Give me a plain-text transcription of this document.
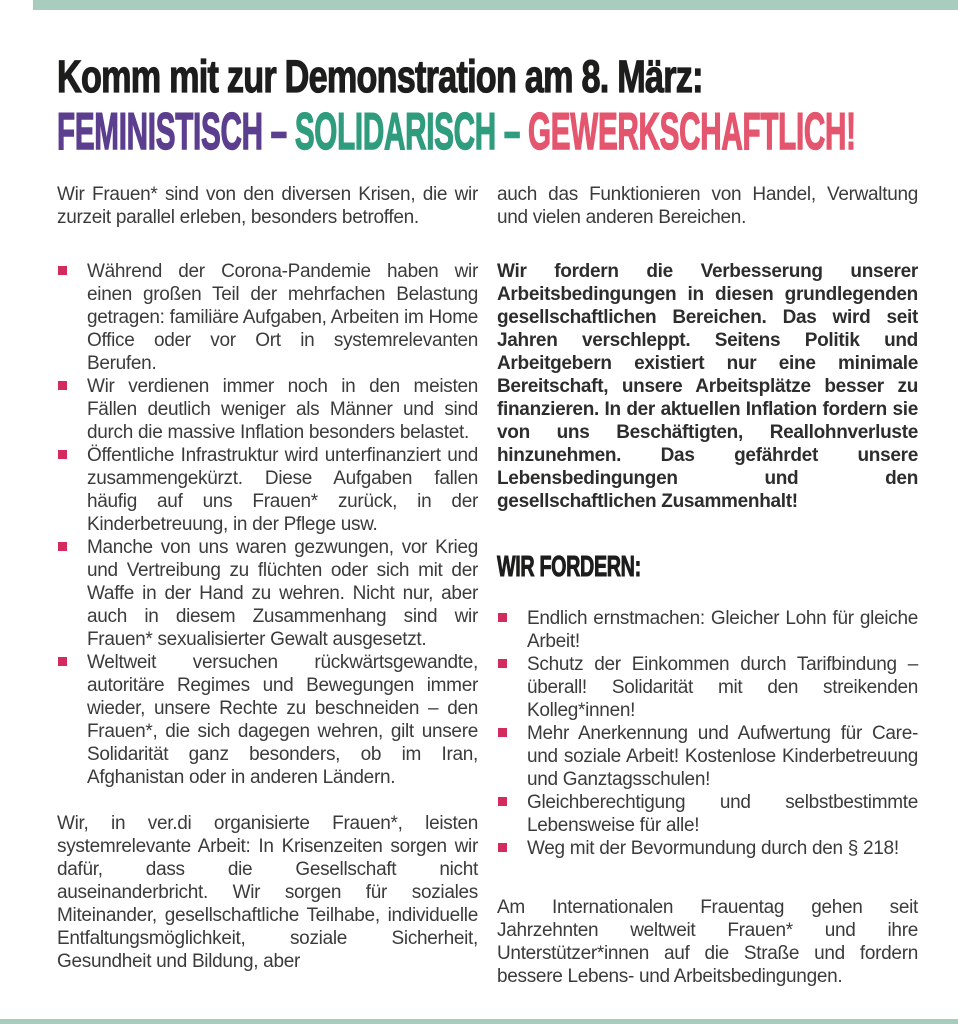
Komm mit zur Demonstration am 8. März:
FEMINISTISCH – SOLIDARISCH – GEWERKSCHAFTLICH!

Wir Frauen* sind von den diversen Krisen, die wir zurzeit parallel erleben, besonders betroffen.

Während der Corona-Pandemie haben wir einen großen Teil der mehrfachen Belastung getragen: familiäre Aufgaben, Arbeiten im Home Office oder vor Ort in systemrelevanten Berufen.
Wir verdienen immer noch in den meisten Fällen deutlich weniger als Männer und sind durch die massive Inflation besonders belastet.
Öffentliche Infrastruktur wird unterfinanziert und zusammengekürzt. Diese Aufgaben fallen häufig auf uns Frauen* zurück, in der Kinderbetreuung, in der Pflege usw.
Manche von uns waren gezwungen, vor Krieg und Vertreibung zu flüchten oder sich mit der Waffe in der Hand zu wehren. Nicht nur, aber auch in diesem Zusammenhang sind wir Frauen* sexualisierter Gewalt ausgesetzt.
Weltweit versuchen rückwärtsgewandte, autoritäre Regimes und Bewegungen immer wieder, unsere Rechte zu beschneiden – den Frauen*, die sich dagegen wehren, gilt unsere Solidarität ganz besonders, ob im Iran, Afghanistan oder in anderen Ländern.

Wir, in ver.di organisierte Frauen*, leisten systemrelevante Arbeit: In Krisenzeiten sorgen wir dafür, dass die Gesellschaft nicht auseinanderbricht. Wir sorgen für soziales Miteinander, gesellschaftliche Teilhabe, individuelle Entfaltungsmöglichkeit, soziale Sicherheit, Gesundheit und Bildung, aber

auch das Funktionieren von Handel, Verwaltung und vielen anderen Bereichen.

Wir fordern die Verbesserung unserer Arbeitsbedingungen in diesen grundlegenden gesellschaftlichen Bereichen. Das wird seit Jahren verschleppt. Seitens Politik und Arbeitgebern existiert nur eine minimale Bereitschaft, unsere Arbeitsplätze besser zu finanzieren. In der aktuellen Inflation fordern sie von uns Beschäftigten, Reallohnverluste hinzunehmen. Das gefährdet unsere Lebensbedingungen und den gesellschaftlichen Zusammenhalt!

WIR FORDERN:
Endlich ernstmachen: Gleicher Lohn für gleiche Arbeit!
Schutz der Einkommen durch Tarifbindung – überall! Solidarität mit den streikenden Kolleg*innen!
Mehr Anerkennung und Aufwertung für Care- und soziale Arbeit! Kostenlose Kinderbetreuung und Ganztagsschulen!
Gleichberechtigung und selbstbestimmte Lebensweise für alle!
Weg mit der Bevormundung durch den § 218!

Am Internationalen Frauentag gehen seit Jahrzehnten weltweit Frauen* und ihre Unterstützer*innen auf die Straße und fordern bessere Lebens- und Arbeitsbedingungen.
